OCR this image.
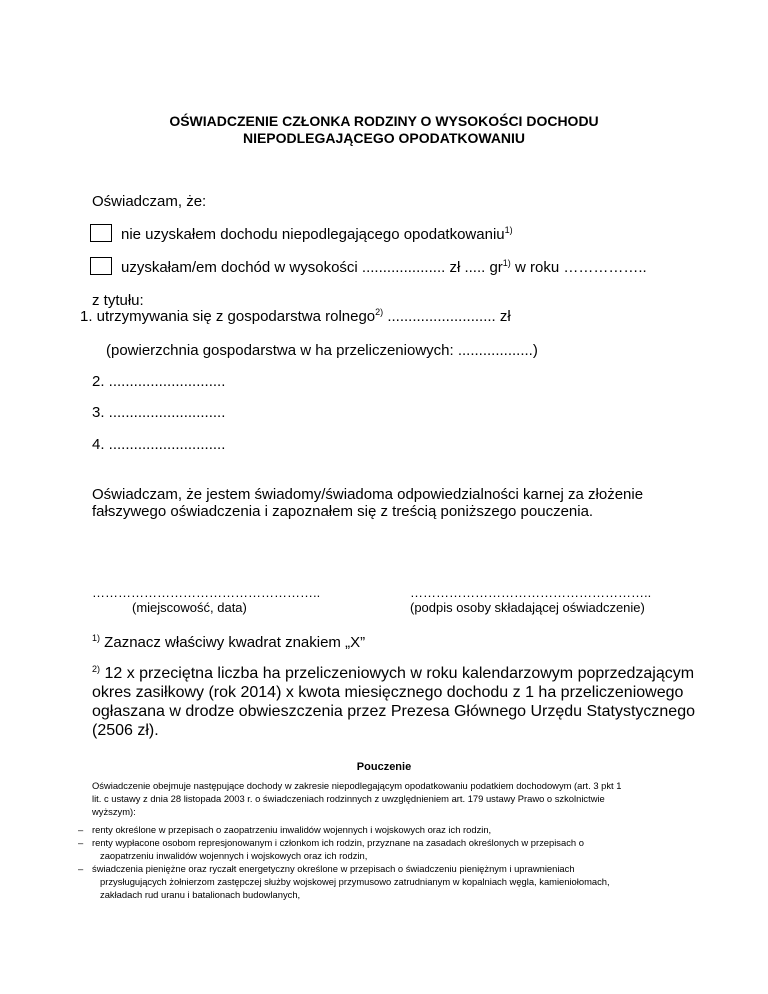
OŚWIADCZENIE CZŁONKA RODZINY O WYSOKOŚCI DOCHODU
NIEPODLEGAJĄCEGO OPODATKOWANIU
Oświadczam, że:
nie uzyskałem dochodu niepodlegającego opodatkowaniu$^{1)}$
uzyskałam/em dochód w wysokości .................... zł ..... $gr^{1)}$ w roku ……………..
z tytułu:
1. utrzymywania się z gospodarstwa rolnego$^{2)}$ .......................... zł
(powierzchnia gospodarstwa w ha przeliczeniowych: ..................)
2. ............................
3. ............................
4. ............................
Oświadczam, że jestem świadomy/świadoma odpowiedzialności karnej za złożenie
fałszywego oświadczenia i zapoznałem się z treścią poniższego pouczenia.
……………………………………………..
(miejscowość, data)
………………………………………………..
(podpis osoby składającej oświadczenie)
$^{1)}$ Zaznacz właściwy kwadrat znakiem „X”
$^{2)}$ 12 x przeciętna liczba ha przeliczeniowych w roku kalendarzowym poprzedzającym
okres zasiłkowy (rok 2014) x kwota miesięcznego dochodu z 1 ha przeliczeniowego
ogłaszana w drodze obwieszczenia przez Prezesa Głównego Urzędu Statystycznego
(2506 zł).
Pouczenie
Oświadczenie obejmuje następujące dochody w zakresie niepodlegającym opodatkowaniu podatkiem dochodowym (art. 3 pkt 1
lit. c ustawy z dnia 28 listopada 2003 r. o świadczeniach rodzinnych z uwzględnieniem art. 179 ustawy Prawo o szkolnictwie
wyższym):
– renty określone w przepisach o zaopatrzeniu inwalidów wojennych i wojskowych oraz ich rodzin,
– renty wypłacone osobom represjonowanym i członkom ich rodzin, przyznane na zasadach określonych w przepisach o
zaopatrzeniu inwalidów wojennych i wojskowych oraz ich rodzin,
– świadczenia pieniężne oraz ryczałt energetyczny określone w przepisach o świadczeniu pieniężnym i uprawnieniach
przysługujących żołnierzom zastępczej służby wojskowej przymusowo zatrudnianym w kopalniach węgla, kamieniołomach,
zakładach rud uranu i batalionach budowlanych,
